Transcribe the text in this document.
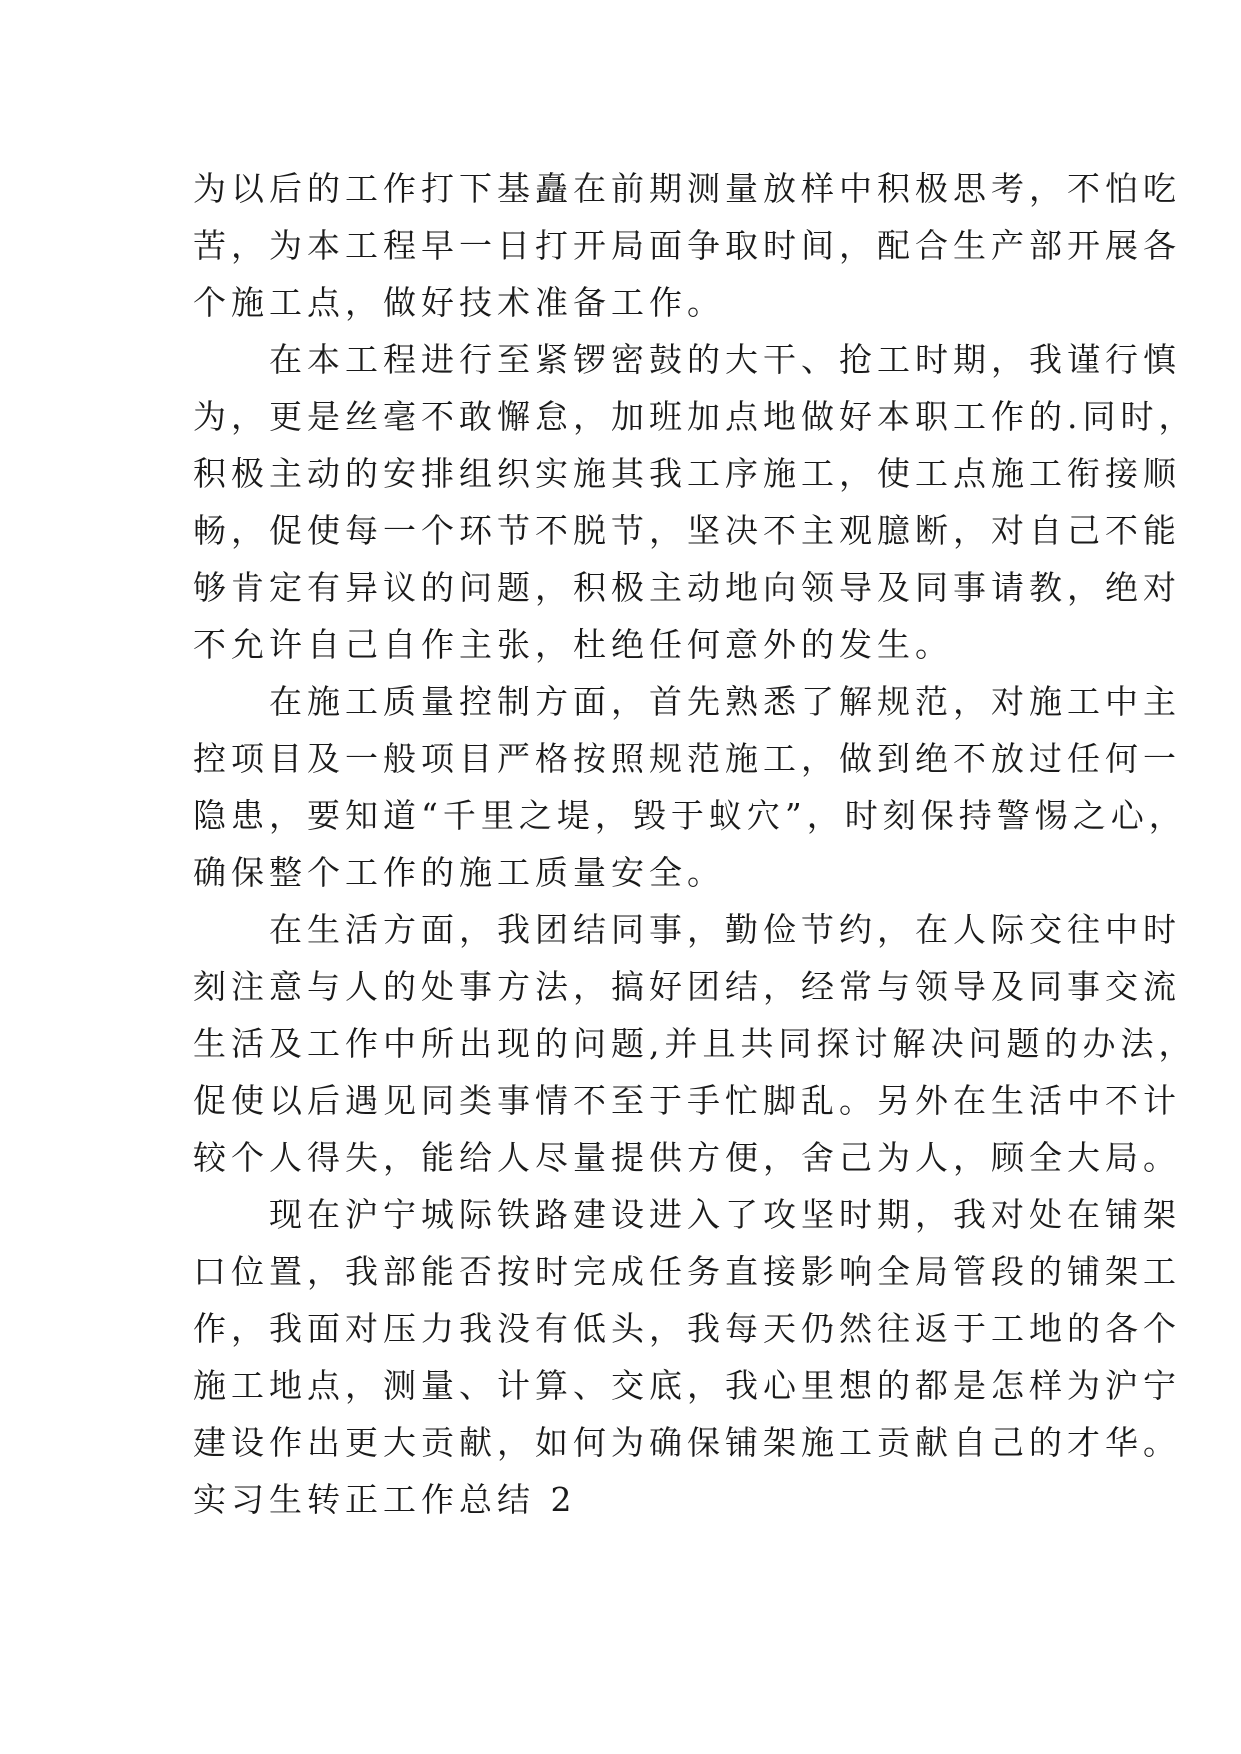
为以后的工作打下基矗在前期测量放样中积极思考，不怕吃
苦，为本工程早一日打开局面争取时间，配合生产部开展各
个施工点，做好技术准备工作。
在本工程进行至紧锣密鼓的大干、抢工时期，我谨行慎
为，更是丝毫不敢懈怠，加班加点地做好本职工作的.同时，
积极主动的安排组织实施其我工序施工，使工点施工衔接顺
畅，促使每一个环节不脱节，坚决不主观臆断，对自己不能
够肯定有异议的问题，积极主动地向领导及同事请教，绝对
不允许自己自作主张，杜绝任何意外的发生。
在施工质量控制方面，首先熟悉了解规范，对施工中主
控项目及一般项目严格按照规范施工，做到绝不放过任何一
隐患，要知道“千里之堤，毁于蚁穴”，时刻保持警惕之心，
确保整个工作的施工质量安全。
在生活方面，我团结同事，勤俭节约，在人际交往中时
刻注意与人的处事方法，搞好团结，经常与领导及同事交流
生活及工作中所出现的问题,并且共同探讨解决问题的办法，
促使以后遇见同类事情不至于手忙脚乱。另外在生活中不计
较个人得失，能给人尽量提供方便，舍己为人，顾全大局。
现在沪宁城际铁路建设进入了攻坚时期，我对处在铺架
口位置，我部能否按时完成任务直接影响全局管段的铺架工
作，我面对压力我没有低头，我每天仍然往返于工地的各个
施工地点，测量、计算、交底，我心里想的都是怎样为沪宁
建设作出更大贡献，如何为确保铺架施工贡献自己的才华。
实习生转正工作总结 2
